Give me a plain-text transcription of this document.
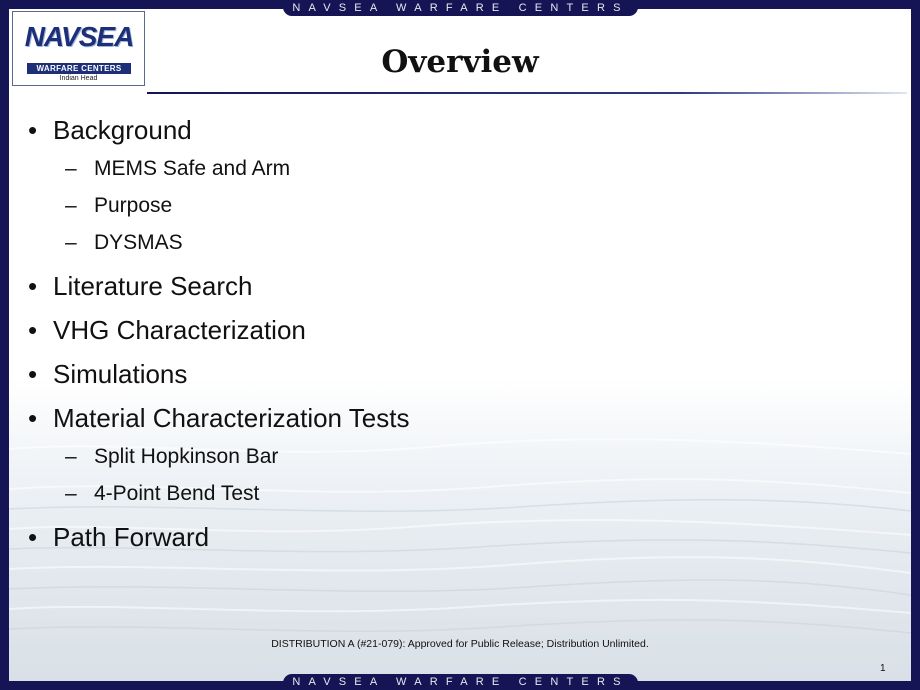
NAVSEA WARFARE CENTERS
NAVSEA
WARFARE CENTERS
Indian Head	Overview
• Background
– MEMS Safe and Arm
– Purpose
– DYSMAS
• Literature Search
• VHG Characterization
• Simulations
• Material Characterization Tests
– Split Hopkinson Bar
– 4-Point Bend Test
• Path Forward
DISTRIBUTION A (#21-079): Approved for Public Release; Distribution Unlimited.
1
NAVSEA WARFARE CENTERS
